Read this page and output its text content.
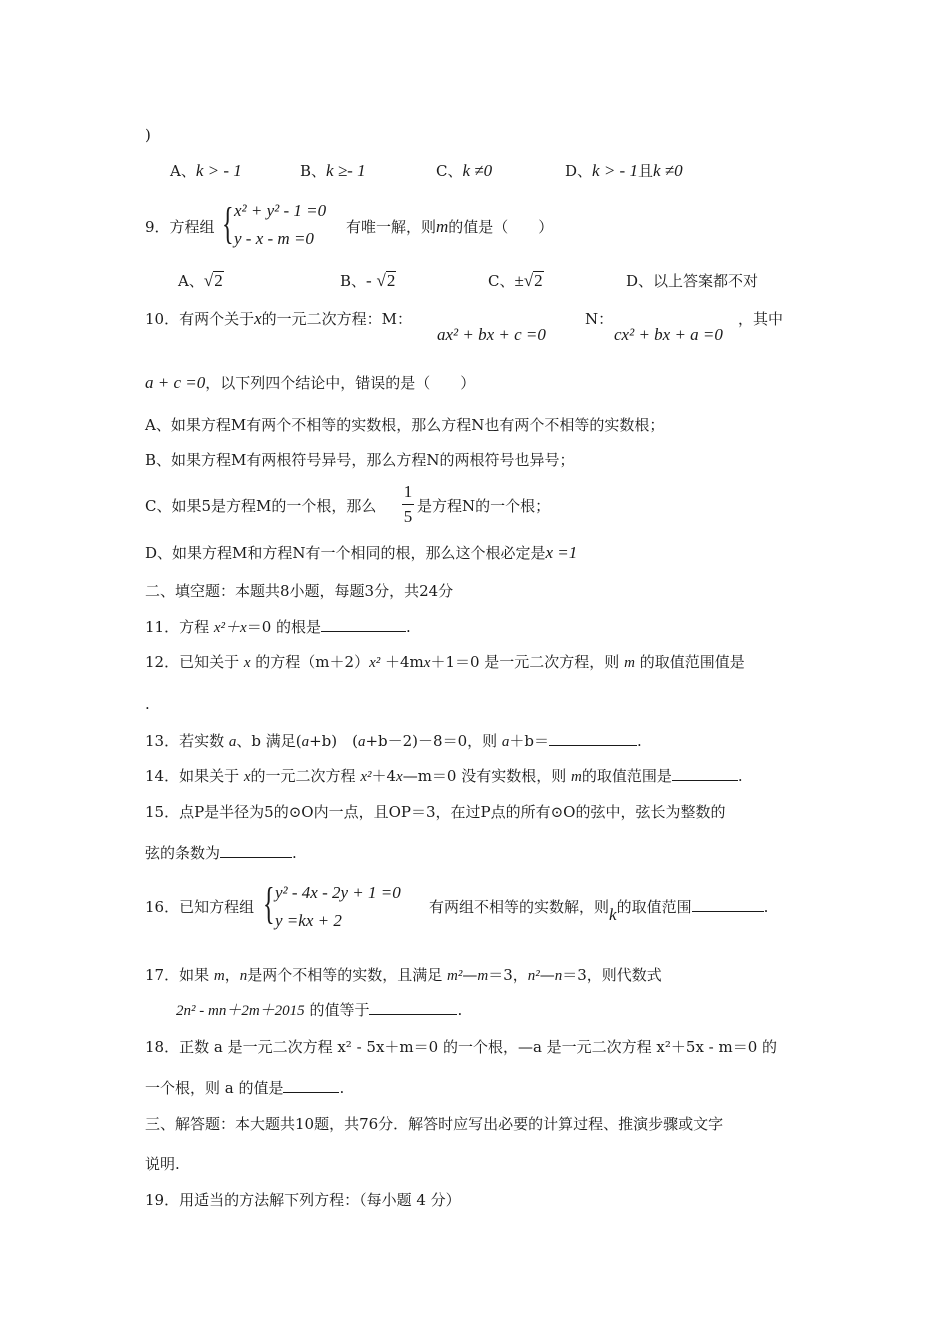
)
A、k > - 1	B、k ≥- 1	C、k ≠0	D、k > - 1且k ≠0
9．方程组 { x² + y² - 1 =0
y - x - m =0
有唯一解，则m的值是（　　）
A、√2	B、- √2	C、±√2	D、以上答案都不对
10．有两个关于x的一元二次方程：M：
ax² + bx + c =0
N：
cx² + bx + a =0
，其中
a + c =0，以下列四个结论中，错误的是（　　）
A、如果方程M有两个不相等的实数根，那么方程N也有两个不相等的实数根；
B、如果方程M有两根符号异号，那么方程N的两根符号也异号；
C、如果5是方程M的一个根，那么
1
5
是方程N的一个根；
D、如果方程M和方程N有一个相同的根，那么这个根必定是x =1
二、填空题：本题共8小题，每题3分，共24分
11．方程 x²＋x＝0 的根是	.
12．已知关于 x 的方程（m＋2）x² ＋4mx＋1＝0 是一元二次方程，则 m 的取值范围值是
.
13．若实数 a、b 满足(a+b)　(a+b－2)－8＝0，则 a＋b＝	.
14．如果关于 x的一元二次方程 x²＋4x—m＝0 没有实数根，则 m的取值范围是	.
15．点P是半径为5的⊙O内一点，且OP＝3，在过P点的所有⊙O的弦中，弦长为整数的
弦的条数为	.
16．已知方程组 { y² - 4x - 2y + 1 =0
y =kx + 2
有两组不相等的实数解，则k的取值范围	.
17．如果 m，n是两个不相等的实数，且满足 m²—m＝3，n²—n＝3，则代数式
2n² - mn＋2m＋2015 的值等于	.
18．正数 a 是一元二次方程 x² - 5x＋m＝0 的一个根，—a 是一元二次方程 x²＋5x - m＝0 的
一个根，则 a 的值是	.
三、解答题：本大题共10题，共76分．解答时应写出必要的计算过程、推演步骤或文字
说明.
19．用适当的方法解下列方程：（每小题 4 分）
